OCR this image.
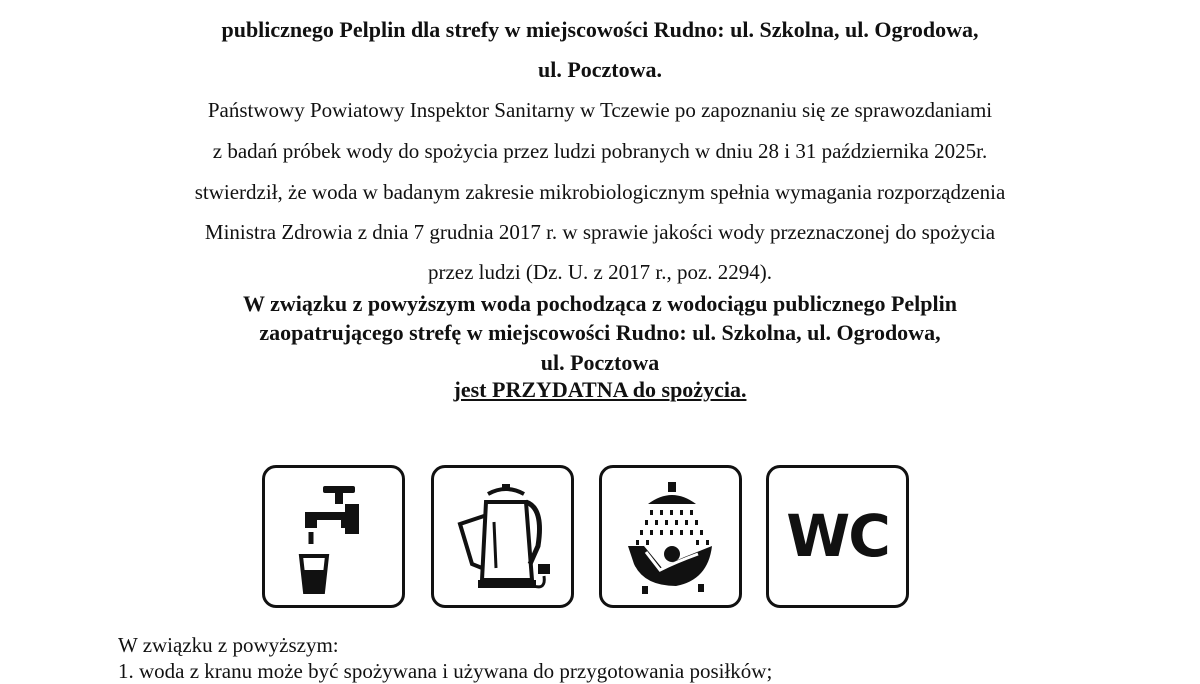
publicznego Pelplin dla strefy w miejscowości Rudno: ul. Szkolna, ul. Ogrodowa,
ul. Pocztowa.
Państwowy Powiatowy Inspektor Sanitarny w Tczewie po zapoznaniu się ze sprawozdaniami
z badań próbek wody do spożycia przez ludzi pobranych w dniu 28 i 31 października 2025r.
stwierdził, że woda w badanym zakresie mikrobiologicznym spełnia wymagania rozporządzenia
Ministra Zdrowia z dnia 7 grudnia 2017 r. w sprawie jakości wody przeznaczonej do spożycia
przez ludzi (Dz. U. z 2017 r., poz. 2294).
W związku z powyższym woda pochodząca z wodociągu publicznego Pelplin
zaopatrującego strefę w miejscowości Rudno: ul. Szkolna, ul. Ogrodowa,
ul. Pocztowa
jest PRZYDATNA do spożycia.
WC
W związku z powyższym:
1. woda z kranu może być spożywana i używana do przygotowania posiłków;
